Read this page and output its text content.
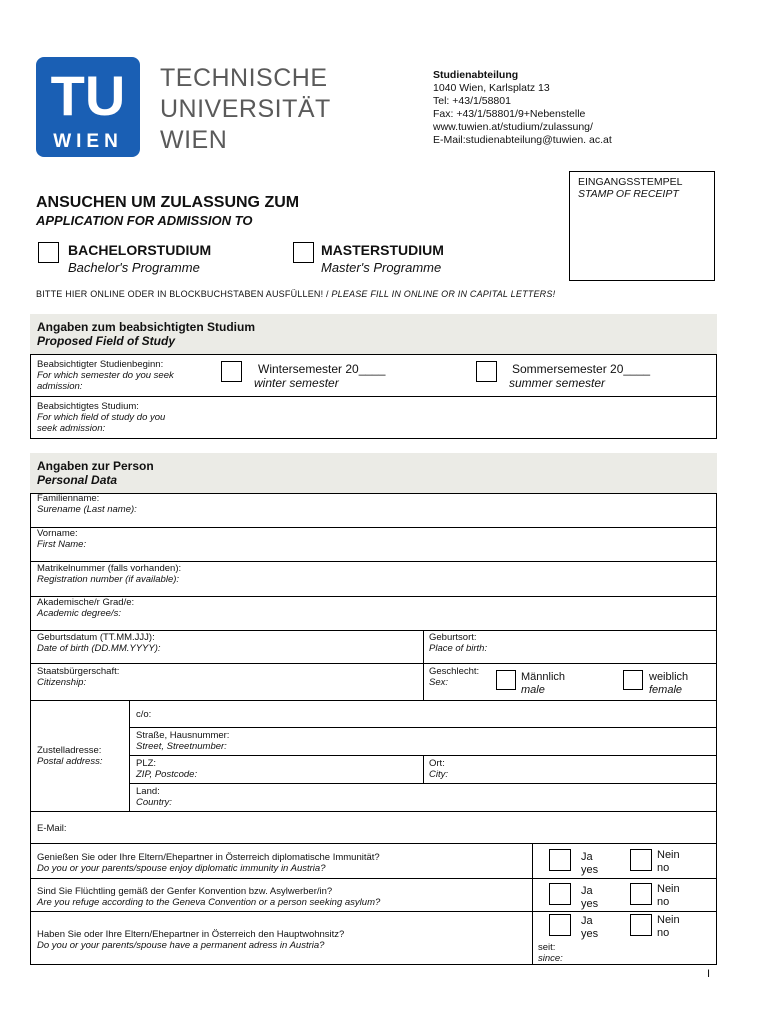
TU
WIEN
TECHNISCHE
UNIVERSITÄT
WIEN
Studienabteilung
1040 Wien, Karlsplatz 13
Tel: +43/1/58801
Fax: +43/1/58801/9+Nebenstelle
www.tuwien.at/studium/zulassung/
E-Mail:studienabteilung@tuwien. ac.at
EINGANGSSTEMPEL
STAMP OF RECEIPT
ANSUCHEN UM ZULASSUNG ZUM
APPLICATION FOR ADMISSION TO
BACHELORSTUDIUM
Bachelor's Programme
MASTERSTUDIUM
Master's Programme
BITTE HIER ONLINE ODER IN BLOCKBUCHSTABEN AUSFÜLLEN! / PLEASE FILL IN ONLINE OR IN CAPITAL LETTERS!
Angaben zum beabsichtigten Studium
Proposed Field of Study
Beabsichtigter Studienbeginn:
For which semester do you seek
admission:
Wintersemester 20____
winter semester
Sommersemester 20____
summer semester
Beabsichtigtes Studium:
For which field of study do you
seek admission:
Angaben zur Person
Personal Data
Familienname:
Surename (Last name):
Vorname:
First Name:
Matrikelnummer (falls vorhanden):
Registration number (if available):
Akademische/r Grad/e:
Academic degree/s:
Geburtsdatum (TT.MM.JJJ):
Date of birth (DD.MM.YYYY):
Geburtsort:
Place of birth:
Staatsbürgerschaft:
Citizenship:
Geschlecht:
Sex:	Männlich
male
weiblich
female
Zustelladresse:
Postal address:
c/o:
Straße, Hausnummer:
Street, Streetnumber:
PLZ:
ZIP, Postcode:
Ort:
City:
Land:
Country:
E-Mail:
Genießen Sie oder Ihre Eltern/Ehepartner in Österreich diplomatische Immunität?
Do you or your parents/spouse enjoy diplomatic immunity in Austria?
Ja
yes
Nein
no
Sind Sie Flüchtling gemäß der Genfer Konvention bzw. Asylwerber/in?
Are you refuge according to the Geneva Convention or a person seeking asylum?
Ja
yes
Nein
no
Haben Sie oder Ihre Eltern/Ehepartner in Österreich den Hauptwohnsitz?
Do you or your parents/spouse have a permanent adress in Austria?
Ja
yes
Nein
no
seit:
since:
I
